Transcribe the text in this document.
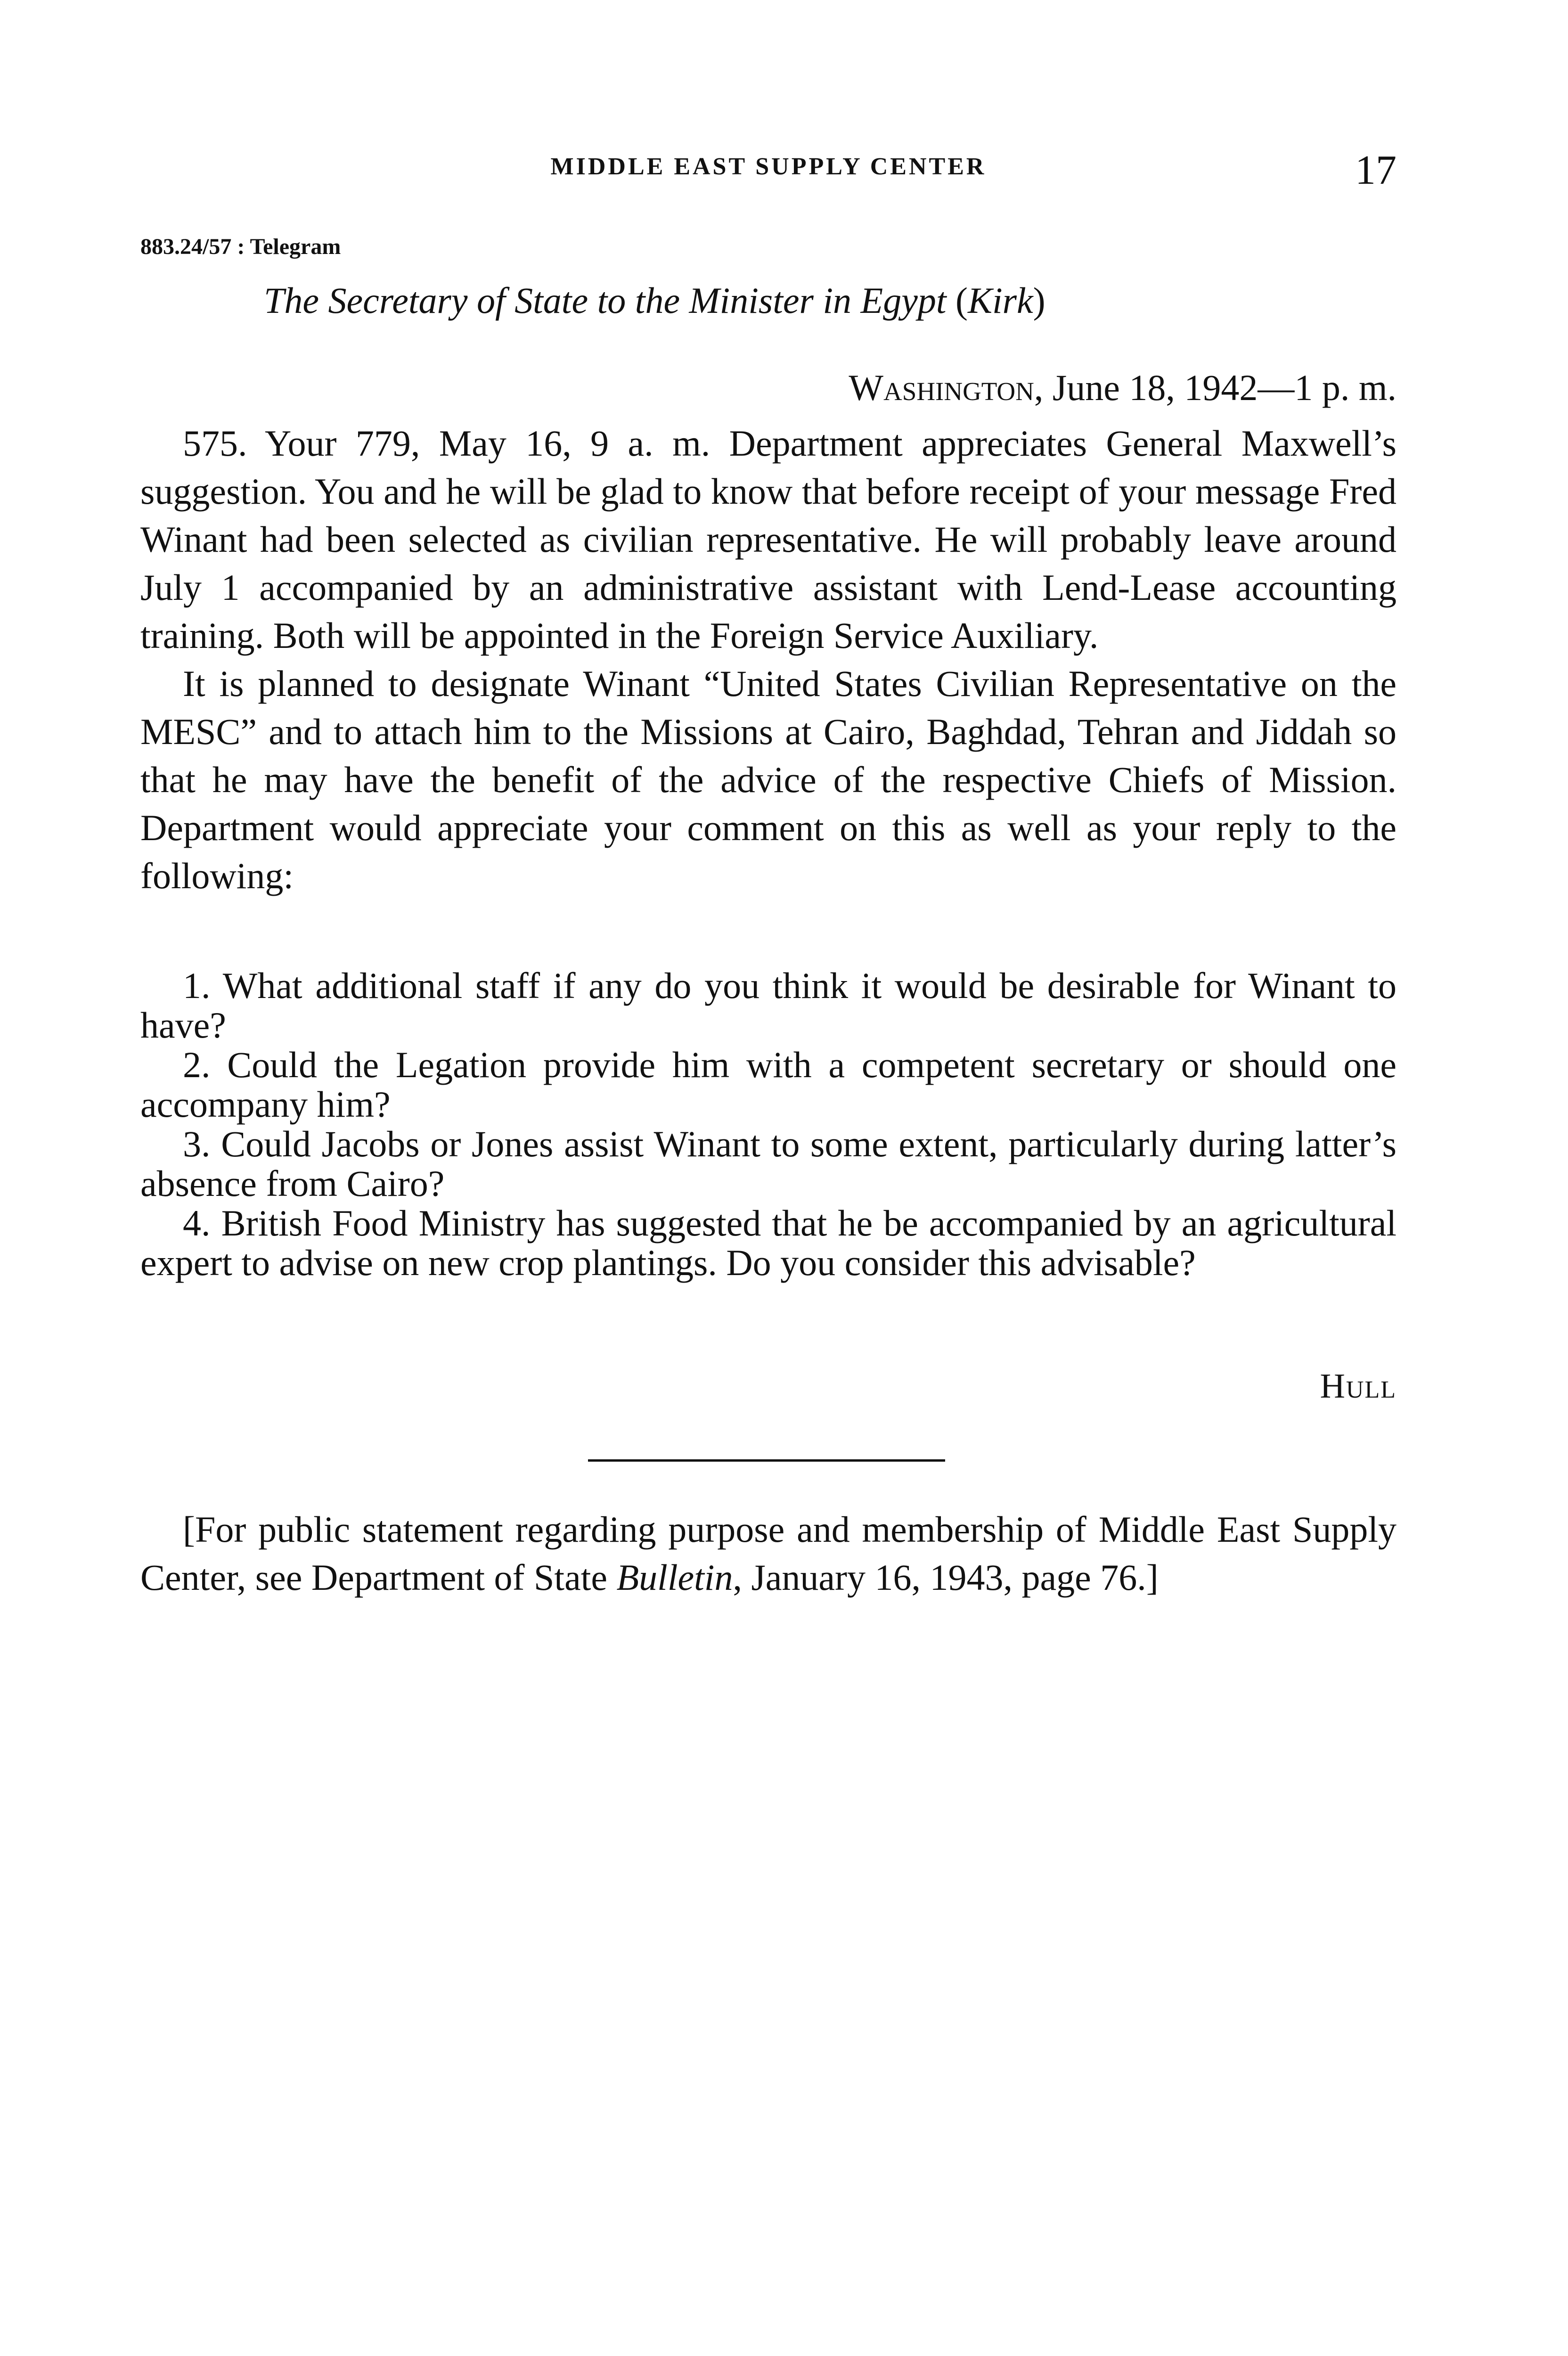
MIDDLE EAST SUPPLY CENTER	17
883.24/57 : Telegram
The Secretary of State to the Minister in Egypt (Kirk)
Washington, June 18, 1942—1 p. m.

575. Your 779, May 16, 9 a. m. Department appreciates General Maxwell’s suggestion. You and he will be glad to know that before receipt of your message Fred Winant had been selected as civilian representative. He will probably leave around July 1 accompanied by an administrative assistant with Lend-Lease accounting training. Both will be appointed in the Foreign Service Auxiliary.

It is planned to designate Winant “United States Civilian Representative on the MESC” and to attach him to the Missions at Cairo, Baghdad, Tehran and Jiddah so that he may have the benefit of the advice of the respective Chiefs of Mission. Department would appreciate your comment on this as well as your reply to the following:

1. What additional staff if any do you think it would be desirable for Winant to have?

2. Could the Legation provide him with a competent secretary or should one accompany him?

3. Could Jacobs or Jones assist Winant to some extent, particularly during latter’s absence from Cairo?

4. British Food Ministry has suggested that he be accompanied by an agricultural expert to advise on new crop plantings. Do you consider this advisable?

Hull

[For public statement regarding purpose and membership of Middle East Supply Center, see Department of State Bulletin, January 16, 1943, page 76.]
